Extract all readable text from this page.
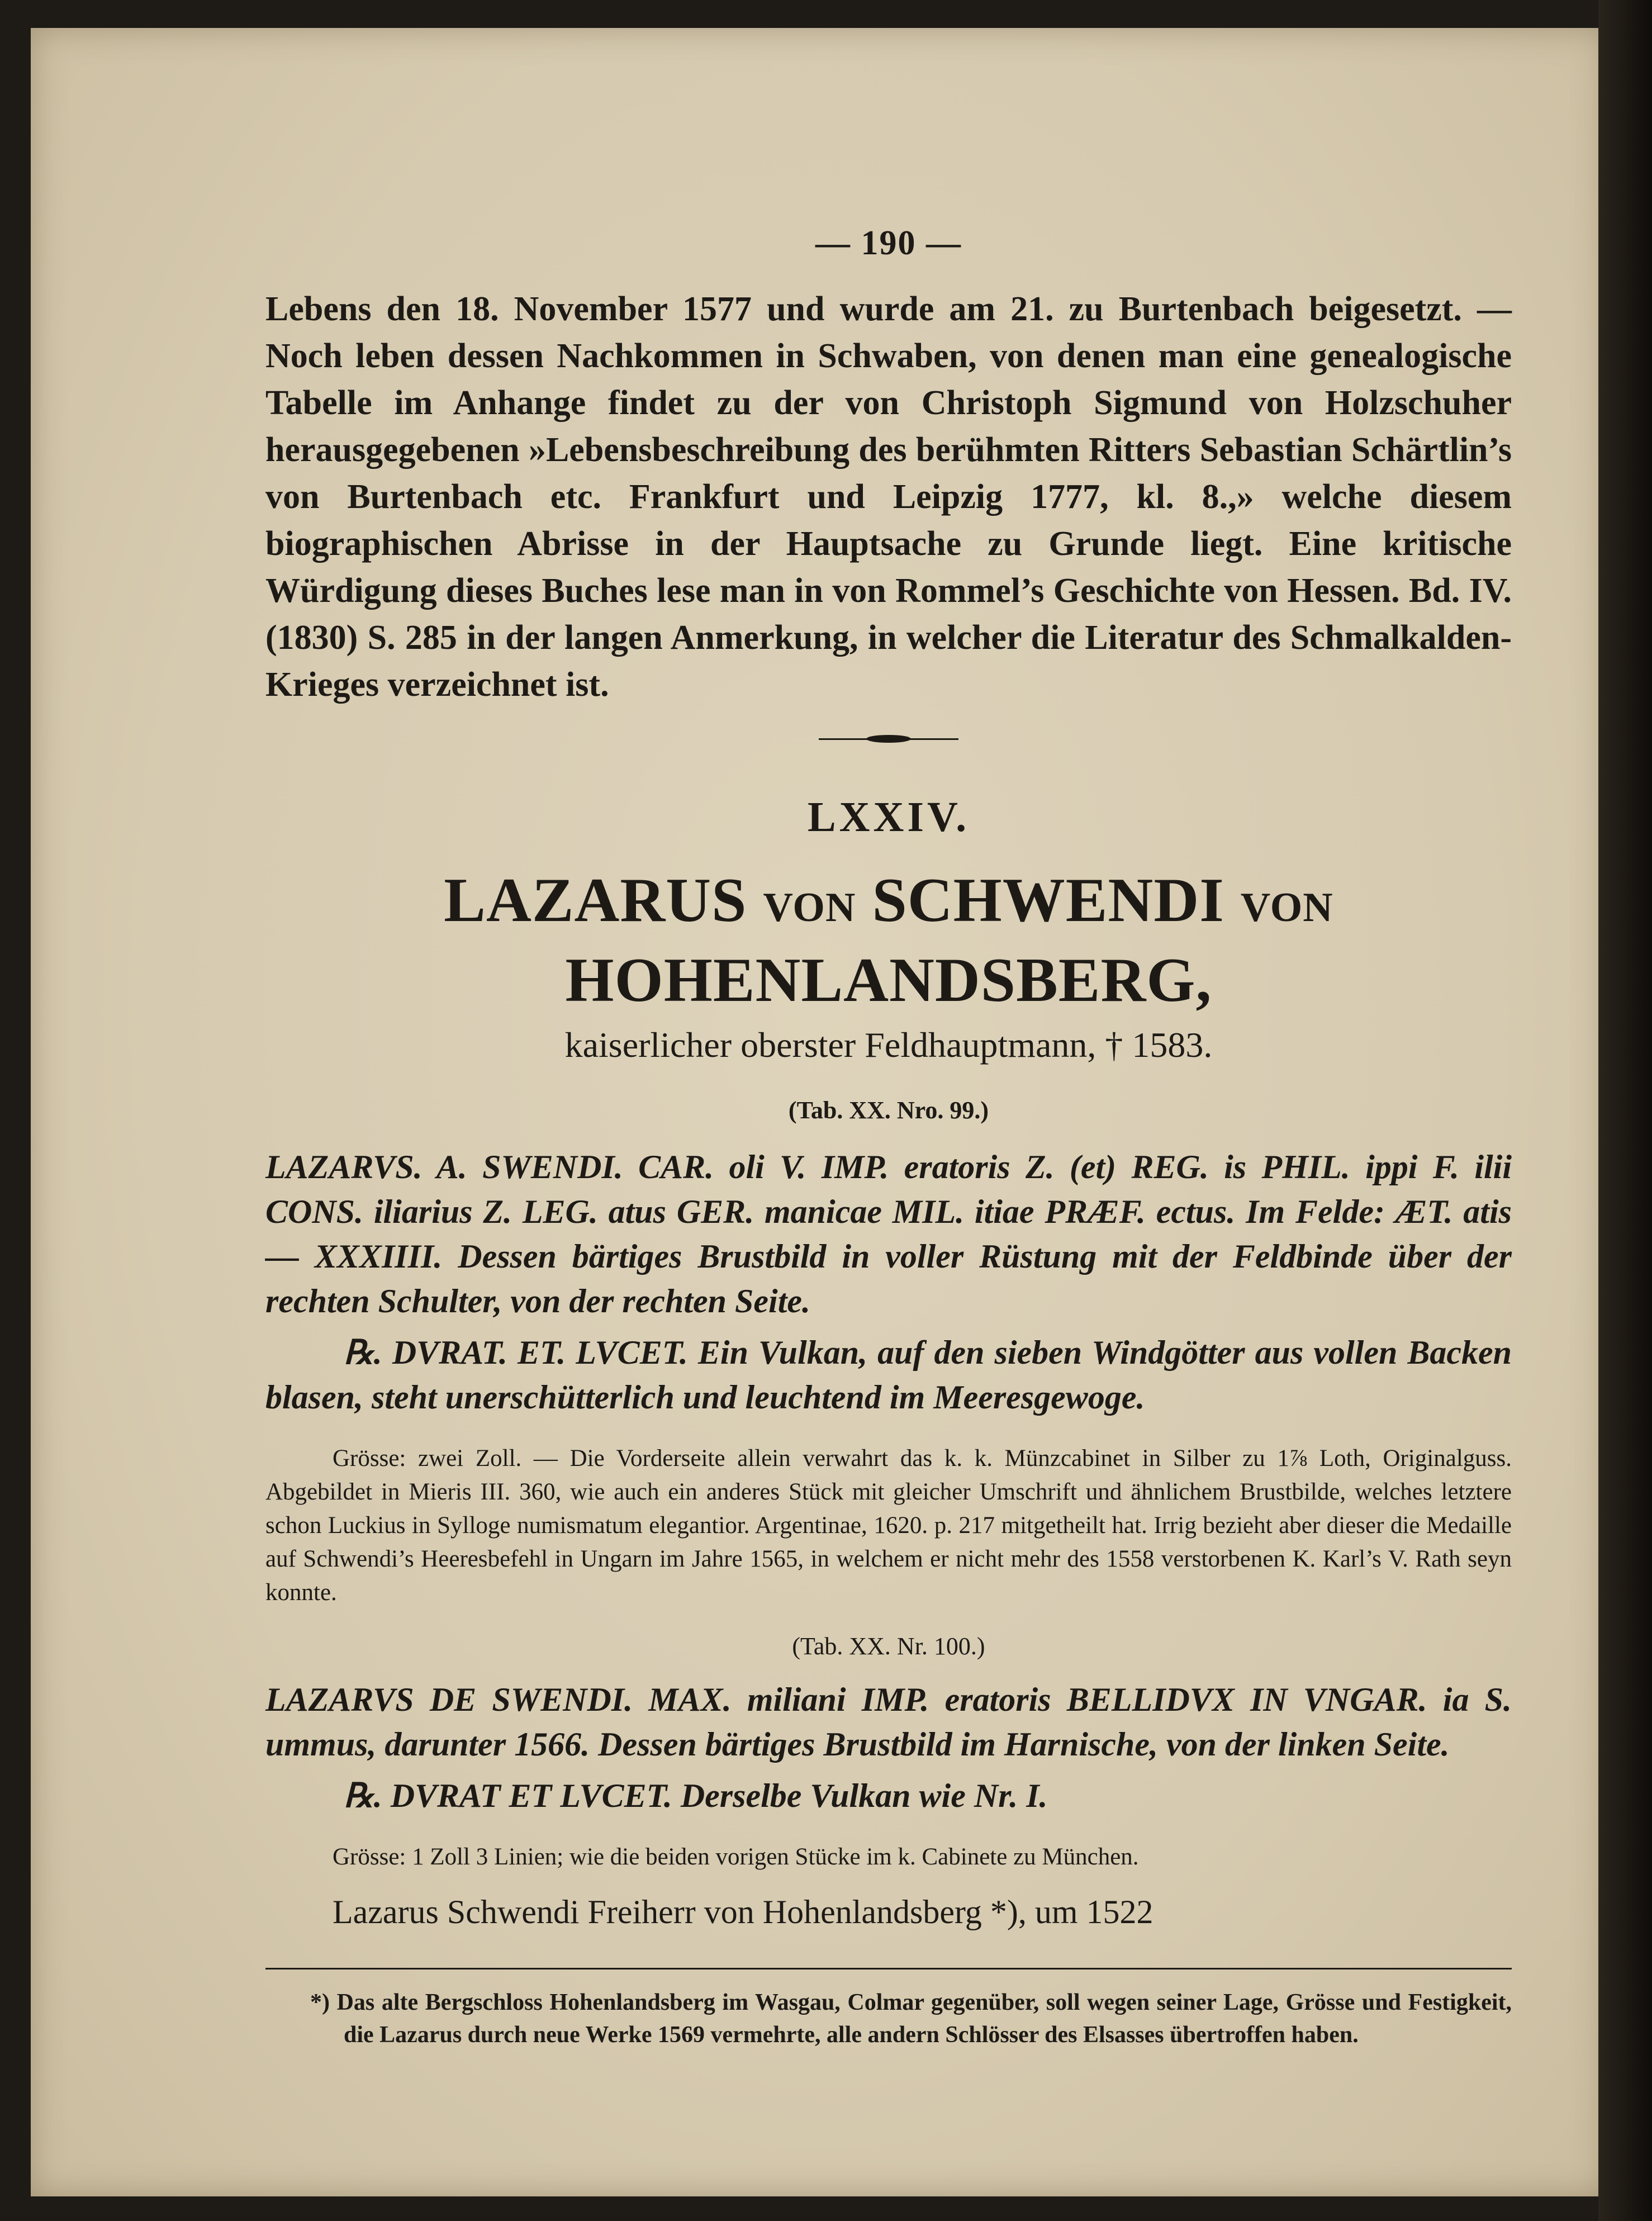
— 190 —

Lebens den 18. November 1577 und wurde am 21. zu Burtenbach beigesetzt. — Noch leben dessen Nachkommen in Schwaben, von denen man eine genealogische Tabelle im Anhange findet zu der von Christoph Sigmund von Holzschuher herausgegebenen »Lebensbeschreibung des berühmten Ritters Sebastian Schärtlin’s von Burtenbach etc. Frankfurt und Leipzig 1777, kl. 8.,» welche diesem biographischen Abrisse in der Hauptsache zu Grunde liegt. Eine kritische Würdigung dieses Buches lese man in von Rommel’s Geschichte von Hessen. Bd. IV. (1830) S. 285 in der langen Anmerkung, in welcher die Literatur des Schmalkalden-Krieges verzeichnet ist.

LXXIV.
LAZARUS VON SCHWENDI VON HOHENLANDSBERG,
kaiserlicher oberster Feldhauptmann, † 1583.
(Tab. XX. Nro. 99.)

LAZARVS. A. SWENDI. CAR. oli V. IMP. eratoris Z. (et) REG. is PHIL. ippi F. ilii CONS. iliarius Z. LEG. atus GER. manicae MIL. itiae PRÆF. ectus. Im Felde: ÆT. atis — XXXIIII. Dessen bärtiges Brustbild in voller Rüstung mit der Feldbinde über der rechten Schulter, von der rechten Seite.

℞. DVRAT. ET. LVCET. Ein Vulkan, auf den sieben Windgötter aus vollen Backen blasen, steht unerschütterlich und leuchtend im Meeresgewoge.

Grösse: zwei Zoll. — Die Vorderseite allein verwahrt das k. k. Münzcabinet in Silber zu 1⅞ Loth, Originalguss. Abgebildet in Mieris III. 360, wie auch ein anderes Stück mit gleicher Umschrift und ähnlichem Brustbilde, welches letztere schon Luckius in Sylloge numismatum elegantior. Argentinae, 1620. p. 217 mitgetheilt hat. Irrig bezieht aber dieser die Medaille auf Schwendi’s Heeresbefehl in Ungarn im Jahre 1565, in welchem er nicht mehr des 1558 verstorbenen K. Karl’s V. Rath seyn konnte.

(Tab. XX. Nr. 100.)

LAZARVS DE SWENDI. MAX. miliani IMP. eratoris BELLIDVX IN VNGAR. ia S. ummus, darunter 1566. Dessen bärtiges Brustbild im Harnische, von der linken Seite.

℞. DVRAT ET LVCET. Derselbe Vulkan wie Nr. I.

Grösse: 1 Zoll 3 Linien; wie die beiden vorigen Stücke im k. Cabinete zu München.

Lazarus Schwendi Freiherr von Hohenlandsberg *), um 1522

*) Das alte Bergschloss Hohenlandsberg im Wasgau, Colmar gegenüber, soll wegen seiner Lage, Grösse und Festigkeit, die Lazarus durch neue Werke 1569 vermehrte, alle andern Schlösser des Elsasses übertroffen haben.
